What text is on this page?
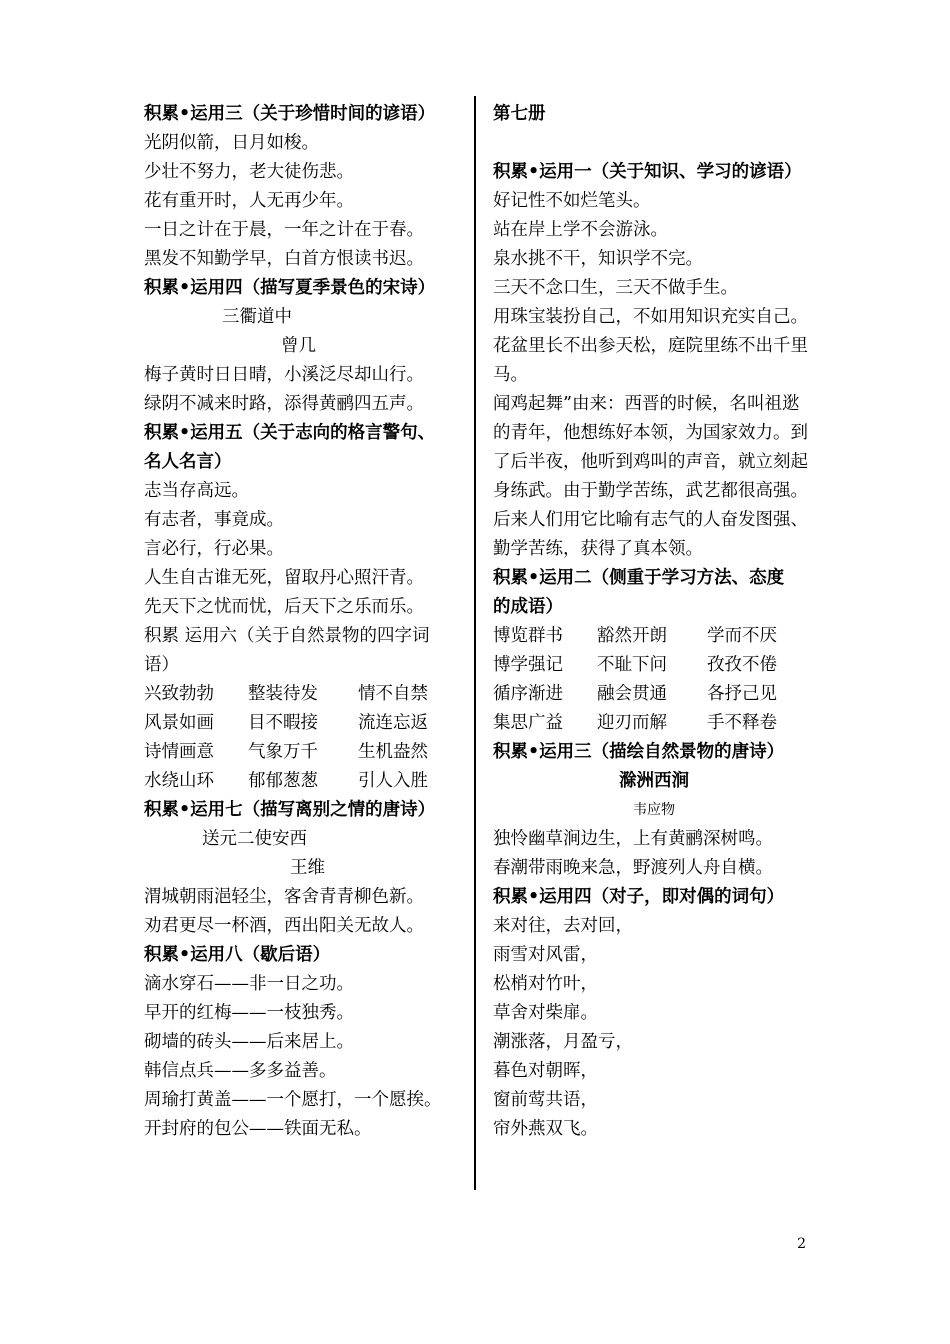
积累•运用三（关于珍惜时间的谚语）

光阴似箭，日月如梭。

少壮不努力，老大徒伤悲。

花有重开时，人无再少年。

一日之计在于晨，一年之计在于春。

黑发不知勤学早，白首方恨读书迟。

积累•运用四（描写夏季景色的宋诗）

三衢道中

曾几

梅子黄时日日晴，小溪泛尽却山行。

绿阴不减来时路，添得黄鹂四五声。

积累•运用五（关于志向的格言警句、

名人名言）

志当存高远。

有志者，事竟成。

言必行，行必果。

人生自古谁无死，留取丹心照汗青。

先天下之忧而忧，后天下之乐而乐。

积累 运用六（关于自然景物的四字词

语）

兴致勃勃	整装待发	情不自禁
风景如画	目不暇接	流连忘返
诗情画意	气象万千	生机盎然
水绕山环	郁郁葱葱	引人入胜

积累•运用七（描写离别之情的唐诗）

送元二使安西

王维

渭城朝雨浥轻尘，客舍青青柳色新。

劝君更尽一杯酒，西出阳关无故人。

积累•运用八（歇后语）

滴水穿石——非一日之功。

早开的红梅——一枝独秀。

砌墙的砖头——后来居上。

韩信点兵——多多益善。

周瑜打黄盖——一个愿打，一个愿挨。

开封府的包公——铁面无私。

第七册

积累•运用一（关于知识、学习的谚语）

好记性不如烂笔头。

站在岸上学不会游泳。

泉水挑不干，知识学不完。

三天不念口生，三天不做手生。

用珠宝装扮自己，不如用知识充实自己。

花盆里长不出参天松，庭院里练不出千里马。

闻鸡起舞”由来：西晋的时候，名叫祖逖的青年，他想练好本领，为国家效力。到了后半夜，他听到鸡叫的声音，就立刻起身练武。由于勤学苦练，武艺都很高强。后来人们用它比喻有志气的人奋发图强、勤学苦练，获得了真本领。

积累•运用二（侧重于学习方法、态度

的成语）

博览群书	豁然开朗	学而不厌
博学强记	不耻下问	孜孜不倦
循序渐进	融会贯通	各抒己见
集思广益	迎刃而解	手不释卷

积累•运用三（描绘自然景物的唐诗）

滁洲西涧

韦应物

独怜幽草涧边生，上有黄鹂深树鸣。

春潮带雨晚来急，野渡列人舟自横。

积累•运用四（对子，即对偶的词句）

来对往，去对回，

雨雪对风雷，

松梢对竹叶，

草舍对柴扉。

潮涨落，月盈亏，

暮色对朝晖，

窗前莺共语，

帘外燕双飞。

2
